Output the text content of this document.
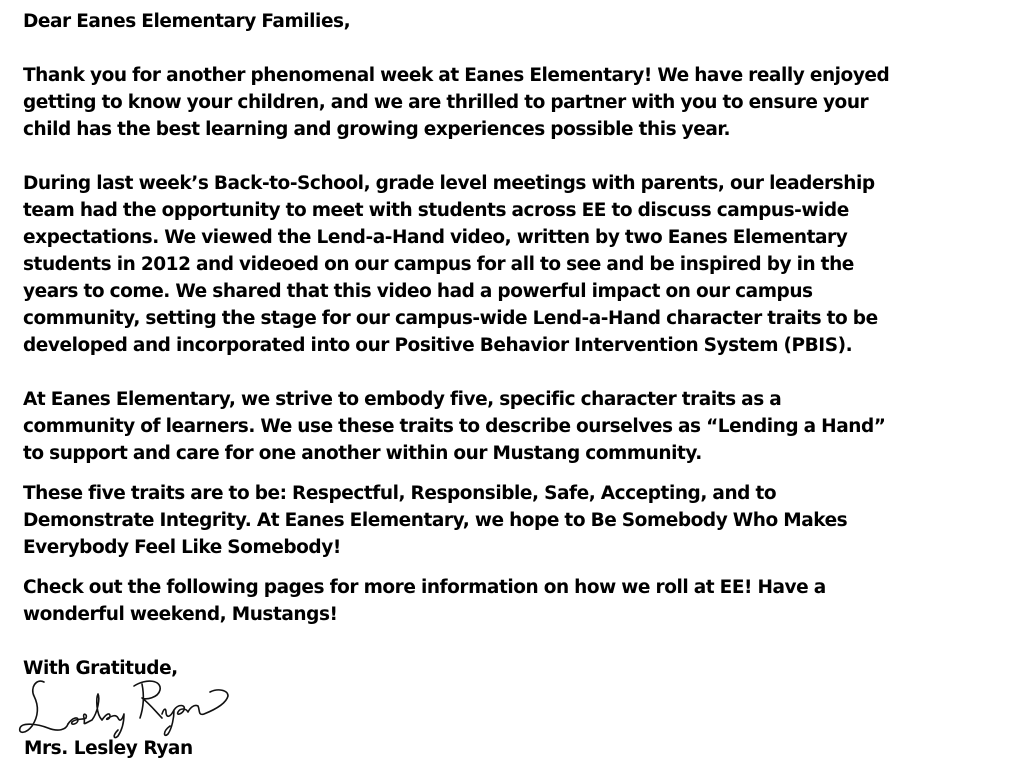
Dear Eanes Elementary Families,
Thank you for another phenomenal week at Eanes Elementary! We have really enjoyed
getting to know your children, and we are thrilled to partner with you to ensure your
child has the best learning and growing experiences possible this year.
During last week’s Back-to-School, grade level meetings with parents, our leadership
team had the opportunity to meet with students across EE to discuss campus-wide
expectations. We viewed the Lend-a-Hand video, written by two Eanes Elementary
students in 2012 and videoed on our campus for all to see and be inspired by in the
years to come. We shared that this video had a powerful impact on our campus
community, setting the stage for our campus-wide Lend-a-Hand character traits to be
developed and incorporated into our Positive Behavior Intervention System (PBIS).
At Eanes Elementary, we strive to embody five, specific character traits as a
community of learners. We use these traits to describe ourselves as “Lending a Hand”
to support and care for one another within our Mustang community.
These five traits are to be: Respectful, Responsible, Safe, Accepting, and to
Demonstrate Integrity. At Eanes Elementary, we hope to Be Somebody Who Makes
Everybody Feel Like Somebody!
Check out the following pages for more information on how we roll at EE! Have a
wonderful weekend, Mustangs!
With Gratitude,
Mrs. Lesley Ryan
